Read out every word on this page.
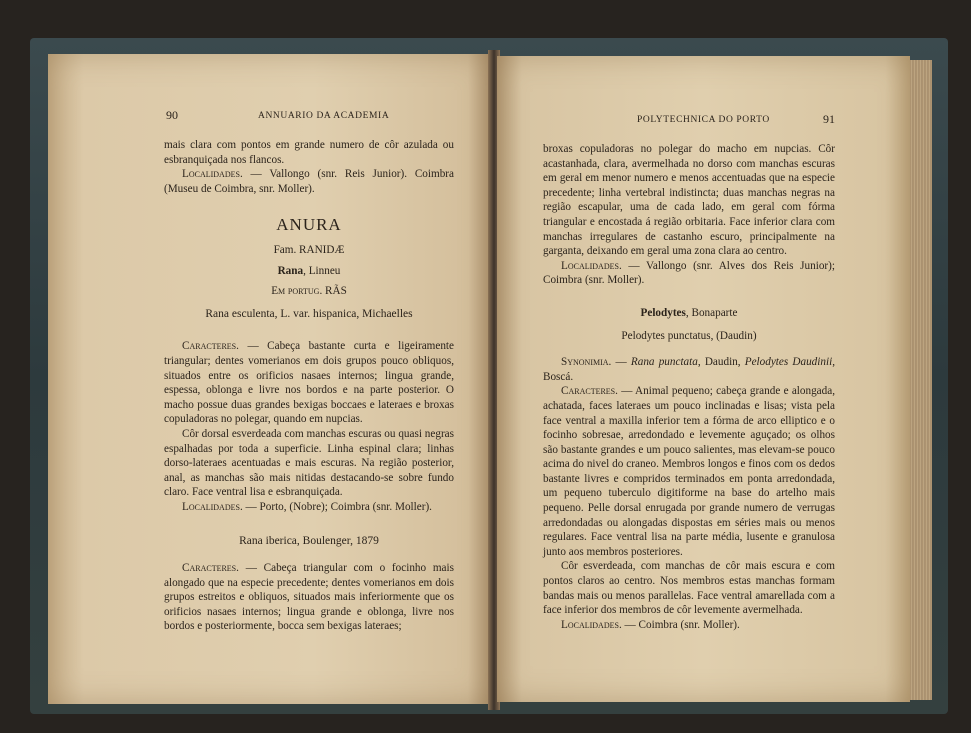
90	ANNUARIO DA ACADEMIA

mais clara com pontos em grande numero de côr azulada ou esbranquiçada nos flancos.

Localidades. — Vallongo (snr. Reis Junior). Coimbra (Museu de Coimbra, snr. Moller).

ANURA
Fam. RANIDÆ
Rana, Linneu
Em portug. RÃS
Rana esculenta, L. var. hispanica, Michaelles

Caracteres. — Cabeça bastante curta e ligeiramente triangular; dentes vomerianos em dois grupos pouco obliquos, situados entre os orificios nasaes internos; lingua grande, espessa, oblonga e livre nos bordos e na parte posterior. O macho possue duas grandes bexigas boccaes e lateraes e broxas copuladoras no polegar, quando em nupcias.

Côr dorsal esverdeada com manchas escuras ou quasi negras espalhadas por toda a superficie. Linha espinal clara; linhas dorso-lateraes acentuadas e mais escuras. Na região posterior, anal, as manchas são mais nitidas destacando-se sobre fundo claro. Face ventral lisa e esbranquiçada.

Localidades. — Porto, (Nobre); Coimbra (snr. Moller).

Rana iberica, Boulenger, 1879

Caracteres. — Cabeça triangular com o focinho mais alongado que na especie precedente; dentes vomerianos em dois grupos estreitos e obliquos, situados mais inferiormente que os orificios nasaes internos; lingua grande e oblonga, livre nos bordos e posteriormente, bocca sem bexigas lateraes;

POLYTECHNICA DO PORTO	91

broxas copuladoras no polegar do macho em nupcias. Côr acastanhada, clara, avermelhada no dorso com manchas escuras em geral em menor numero e menos accentuadas que na especie precedente; linha vertebral indistincta; duas manchas negras na região escapular, uma de cada lado, em geral com fórma triangular e encostada á região orbitaria. Face inferior clara com manchas irregulares de castanho escuro, principalmente na garganta, deixando em geral uma zona clara ao centro.

Localidades. — Vallongo (snr. Alves dos Reis Junior); Coimbra (snr. Moller).

Pelodytes, Bonaparte
Pelodytes punctatus, (Daudin)

Synonimia. — Rana punctata, Daudin, Pelodytes Daudinii, Boscá.

Caracteres. — Animal pequeno; cabeça grande e alongada, achatada, faces lateraes um pouco inclinadas e lisas; vista pela face ventral a maxilla inferior tem a fórma de arco elliptico e o focinho sobresae, arredondado e levemente aguçado; os olhos são bastante grandes e um pouco salientes, mas elevam-se pouco acima do nivel do craneo. Membros longos e finos com os dedos bastante livres e compridos terminados em ponta arredondada, um pequeno tuberculo digitiforme na base do artelho mais pequeno. Pelle dorsal enrugada por grande numero de verrugas arredondadas ou alongadas dispostas em séries mais ou menos regulares. Face ventral lisa na parte média, lusente e granulosa junto aos membros posteriores.

Côr esverdeada, com manchas de côr mais escura e com pontos claros ao centro. Nos membros estas manchas formam bandas mais ou menos parallelas. Face ventral amarellada com a face inferior dos membros de côr levemente avermelhada.

Localidades. — Coimbra (snr. Moller).
